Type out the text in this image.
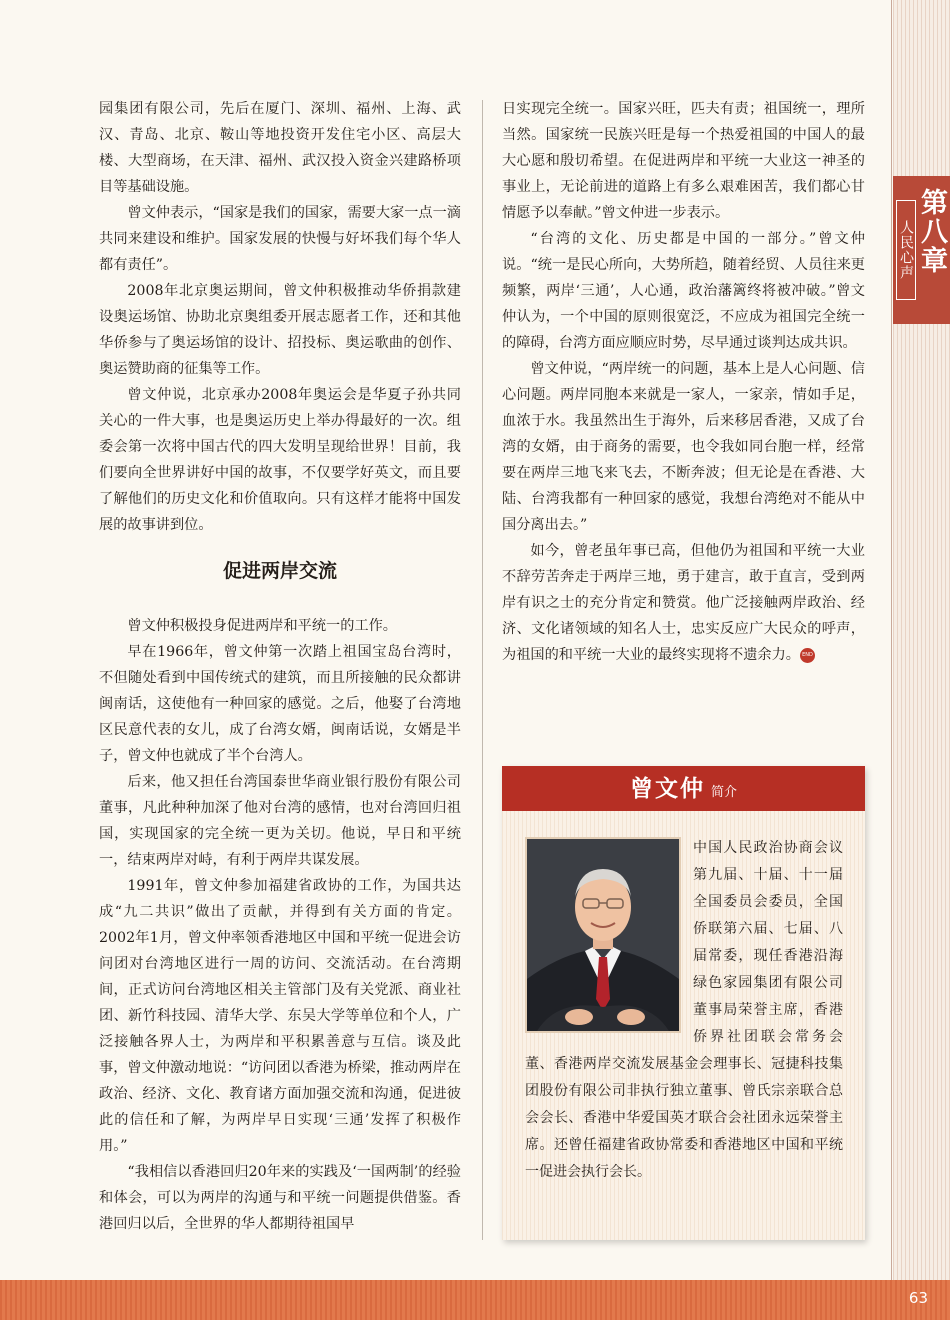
第八章
人民心声

园集团有限公司，先后在厦门、深圳、福州、上海、武汉、青岛、北京、鞍山等地投资开发住宅小区、高层大楼、大型商场，在天津、福州、武汉投入资金兴建路桥项目等基础设施。

曾文仲表示，“国家是我们的国家，需要大家一点一滴共同来建设和维护。国家发展的快慢与好坏我们每个华人都有责任”。

2008年北京奥运期间，曾文仲积极推动华侨捐款建设奥运场馆、协助北京奥组委开展志愿者工作，还和其他华侨参与了奥运场馆的设计、招投标、奥运歌曲的创作、奥运赞助商的征集等工作。

曾文仲说，北京承办2008年奥运会是华夏子孙共同关心的一件大事，也是奥运历史上举办得最好的一次。组委会第一次将中国古代的四大发明呈现给世界！目前，我们要向全世界讲好中国的故事，不仅要学好英文，而且要了解他们的历史文化和价值取向。只有这样才能将中国发展的故事讲到位。

促进两岸交流

曾文仲积极投身促进两岸和平统一的工作。

早在1966年，曾文仲第一次踏上祖国宝岛台湾时，不但随处看到中国传统式的建筑，而且所接触的民众都讲闽南话，这使他有一种回家的感觉。之后，他娶了台湾地区民意代表的女儿，成了台湾女婿，闽南话说，女婿是半子，曾文仲也就成了半个台湾人。

后来，他又担任台湾国泰世华商业银行股份有限公司董事，凡此种种加深了他对台湾的感情，也对台湾回归祖国，实现国家的完全统一更为关切。他说，早日和平统一，结束两岸对峙，有利于两岸共谋发展。

1991年，曾文仲参加福建省政协的工作，为国共达成“九二共识”做出了贡献，并得到有关方面的肯定。2002年1月，曾文仲率领香港地区中国和平统一促进会访问团对台湾地区进行一周的访问、交流活动。在台湾期间，正式访问台湾地区相关主管部门及有关党派、商业社团、新竹科技园、清华大学、东吴大学等单位和个人，广泛接触各界人士，为两岸和平积累善意与互信。谈及此事，曾文仲激动地说：“访问团以香港为桥梁，推动两岸在政治、经济、文化、教育诸方面加强交流和沟通，促进彼此的信任和了解，为两岸早日实现‘三通’发挥了积极作用。”

“我相信以香港回归20年来的实践及‘一国两制’的经验和体会，可以为两岸的沟通与和平统一问题提供借鉴。香港回归以后，全世界的华人都期待祖国早

日实现完全统一。国家兴旺，匹夫有责；祖国统一，理所当然。国家统一民族兴旺是每一个热爱祖国的中国人的最大心愿和殷切希望。在促进两岸和平统一大业这一神圣的事业上，无论前进的道路上有多么艰难困苦，我们都心甘情愿予以奉献。”曾文仲进一步表示。

“台湾的文化、历史都是中国的一部分。”曾文仲说。“统一是民心所向，大势所趋，随着经贸、人员往来更频繁，两岸‘三通’，人心通，政治藩篱终将被冲破。”曾文仲认为，一个中国的原则很宽泛，不应成为祖国完全统一的障碍，台湾方面应顺应时势，尽早通过谈判达成共识。

曾文仲说，“两岸统一的问题，基本上是人心问题、信心问题。两岸同胞本来就是一家人，一家亲，情如手足，血浓于水。我虽然出生于海外，后来移居香港，又成了台湾的女婿，由于商务的需要，也令我如同台胞一样，经常要在两岸三地飞来飞去，不断奔波；但无论是在香港、大陆、台湾我都有一种回家的感觉，我想台湾绝对不能从中国分离出去。”

如今，曾老虽年事已高，但他仍为祖国和平统一大业不辞劳苦奔走于两岸三地，勇于建言，敢于直言，受到两岸有识之士的充分肯定和赞赏。他广泛接触两岸政治、经济、文化诸领域的知名人士，忠实反应广大民众的呼声，为祖国的和平统一大业的最终实现将不遗余力。 END

曾文仲 简介
中国人民政治协商会议第九届、十届、十一届全国委员会委员，全国侨联第六届、七届、八届常委，现任香港沿海绿色家园集团有限公司董事局荣誉主席，香港侨界社团联会常务会董、香港两岸交流发展基金会理事长、冠捷科技集团股份有限公司非执行独立董事、曾氏宗亲联合总会会长、香港中华爱国英才联合会社团永远荣誉主席。还曾任福建省政协常委和香港地区中国和平统一促进会执行会长。
63
